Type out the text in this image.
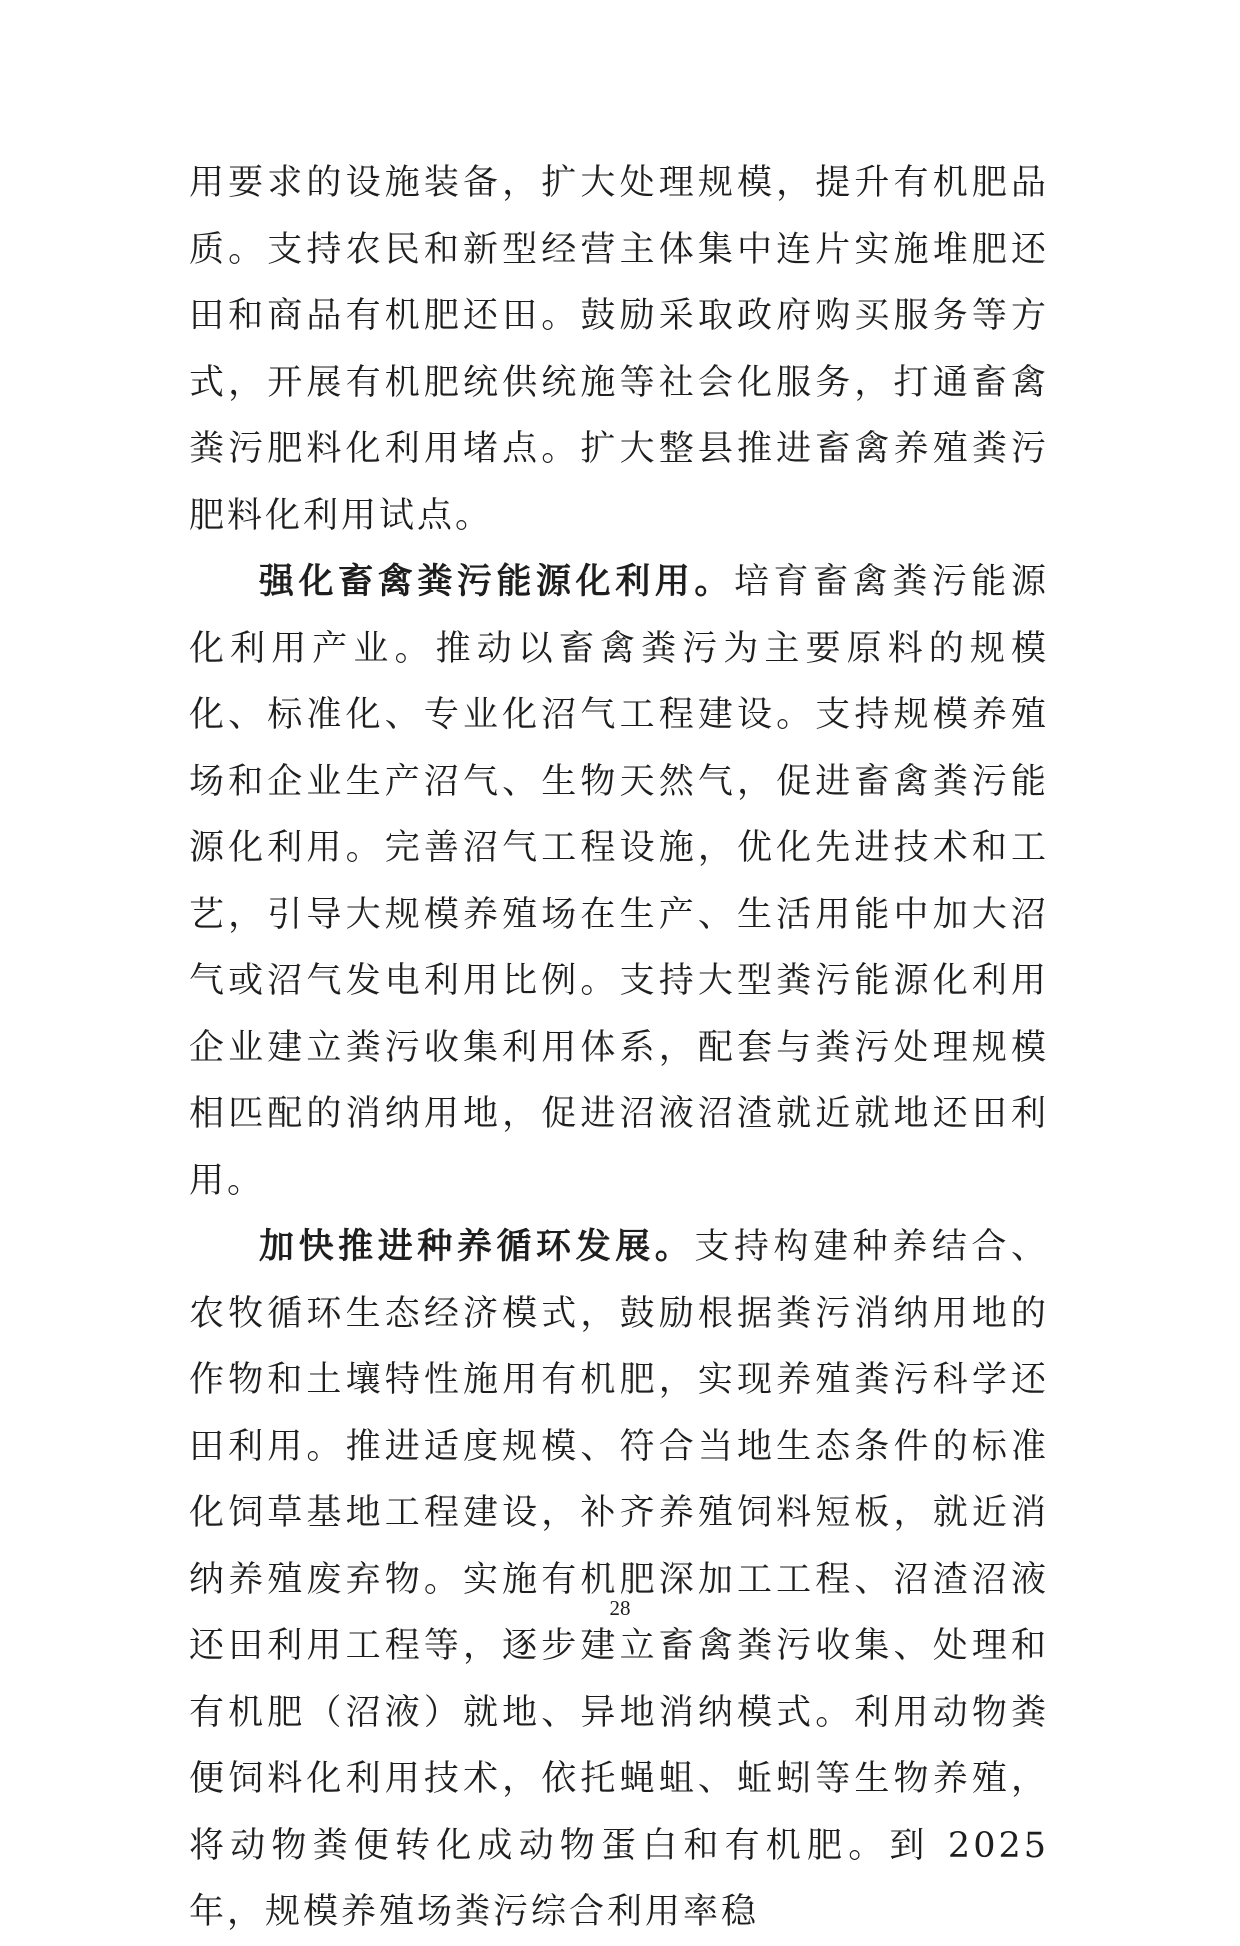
用要求的设施装备，扩大处理规模，提升有机肥品质。支持农民和新型经营主体集中连片实施堆肥还田和商品有机肥还田。鼓励采取政府购买服务等方式，开展有机肥统供统施等社会化服务，打通畜禽粪污肥料化利用堵点。扩大整县推进畜禽养殖粪污肥料化利用试点。

强化畜禽粪污能源化利用。培育畜禽粪污能源化利用产业。推动以畜禽粪污为主要原料的规模化、标准化、专业化沼气工程建设。支持规模养殖场和企业生产沼气、生物天然气，促进畜禽粪污能源化利用。完善沼气工程设施，优化先进技术和工艺，引导大规模养殖场在生产、生活用能中加大沼气或沼气发电利用比例。支持大型粪污能源化利用企业建立粪污收集利用体系，配套与粪污处理规模相匹配的消纳用地，促进沼液沼渣就近就地还田利用。

加快推进种养循环发展。支持构建种养结合、农牧循环生态经济模式，鼓励根据粪污消纳用地的作物和土壤特性施用有机肥，实现养殖粪污科学还田利用。推进适度规模、符合当地生态条件的标准化饲草基地工程建设，补齐养殖饲料短板，就近消纳养殖废弃物。实施有机肥深加工工程、沼渣沼液还田利用工程等，逐步建立畜禽粪污收集、处理和有机肥（沼液）就地、异地消纳模式。利用动物粪便饲料化利用技术，依托蝇蛆、蚯蚓等生物养殖，将动物粪便转化成动物蛋白和有机肥。到 2025 年，规模养殖场粪污综合利用率稳

28
